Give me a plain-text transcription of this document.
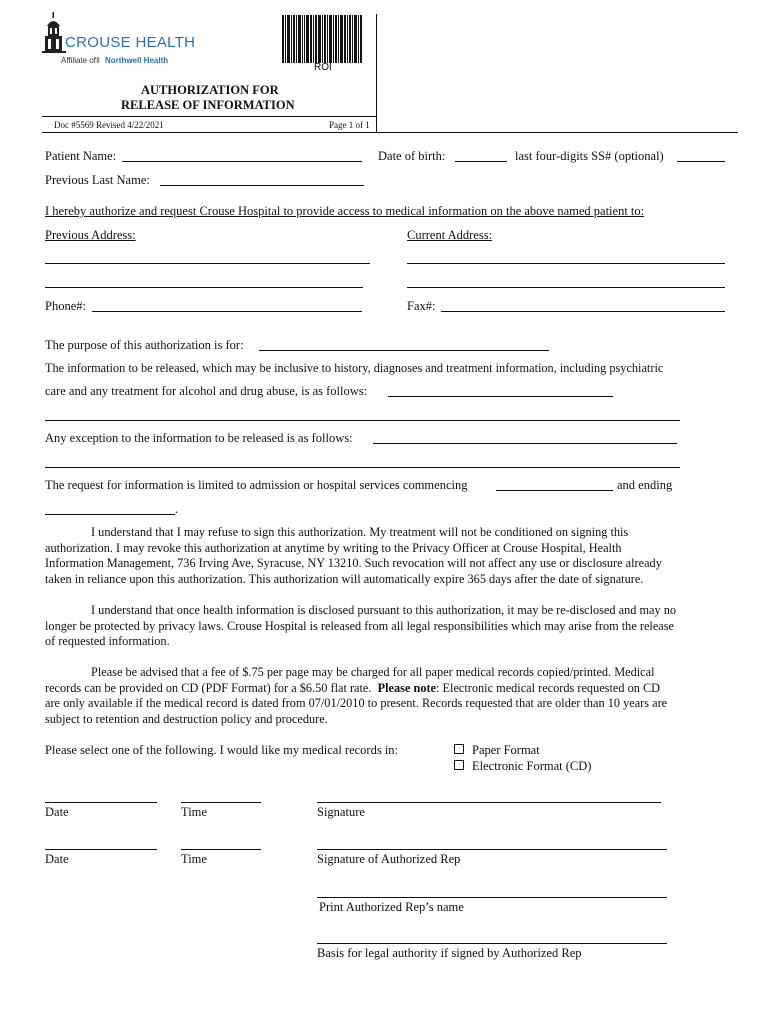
CROUSE HEALTH
Affiliate of Ⅱ Northwell Health
ROI
AUTHORIZATION FOR
RELEASE OF INFORMATION
Doc #5569 Revised 4/22/2021	Page 1 of 1
Patient Name:	Date of birth:	last four-digits SS# (optional)
Previous Last Name:
I hereby authorize and request Crouse Hospital to provide access to medical information on the above named patient to:
Previous Address:	Current Address:
Phone#:	Fax#:
The purpose of this authorization is for:
The information to be released, which may be inclusive to history, diagnoses and treatment information, including psychiatric
care and any treatment for alcohol and drug abuse, is as follows:
Any exception to the information to be released is as follows:
The request for information is limited to admission or hospital services commencing	and ending
.
I understand that I may refuse to sign this authorization. My treatment will not be conditioned on signing this
authorization. I may revoke this authorization at anytime by writing to the Privacy Officer at Crouse Hospital, Health
Information Management, 736 Irving Ave, Syracuse, NY 13210. Such revocation will not affect any use or disclosure already
taken in reliance upon this authorization. This authorization will automatically expire 365 days after the date of signature.
I understand that once health information is disclosed pursuant to this authorization, it may be re-disclosed and may no
longer be protected by privacy laws. Crouse Hospital is released from all legal responsibilities which may arise from the release
of requested information.
Please be advised that a fee of $.75 per page may be charged for all paper medical records copied/printed. Medical
records can be provided on CD (PDF Format) for a $6.50 flat rate. Please note: Electronic medical records requested on CD
are only available if the medical record is dated from 07/01/2010 to present. Records requested that are older than 10 years are
subject to retention and destruction policy and procedure.
Please select one of the following. I would like my medical records in:	Paper Format
Electronic Format (CD)
Date	Time	Signature
Date	Time	Signature of Authorized Rep
Print Authorized Rep’s name
Basis for legal authority if signed by Authorized Rep
